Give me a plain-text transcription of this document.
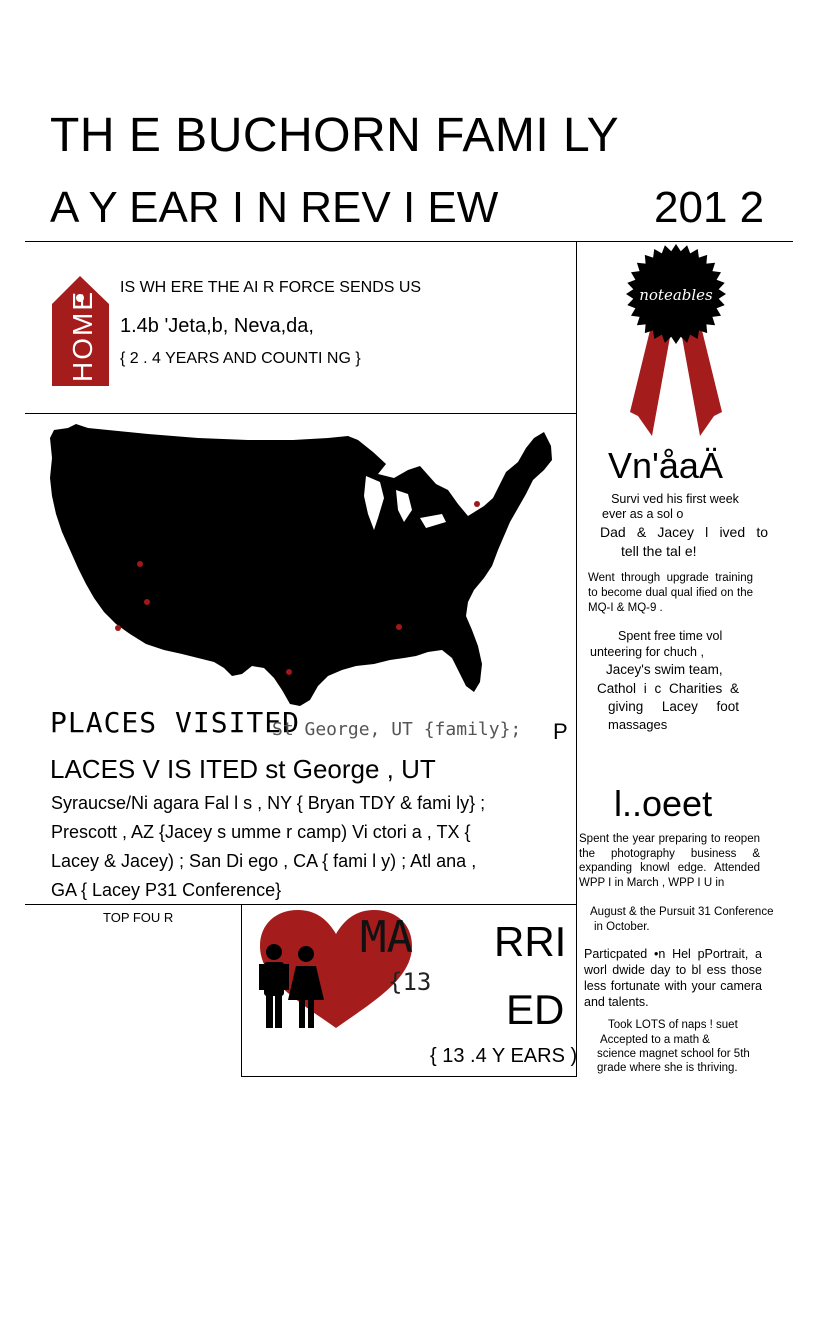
TH E BUCHORN FAMI LY
A Y EAR I N REV I EW	201 2
HOME
IS WH ERE THE AI R FORCE SENDS US
1.4b 'Jeta,b, Neva,da,
{ 2 . 4 YEARS AND COUNTI NG }
PLACES VISITED
St George, UT {family}; P
LACES V IS ITED st George , UT
Syraucse/Ni agara Fal l s , NY { Bryan TDY & fami ly} ;
Prescott , AZ {Jacey s umme r camp) Vi ctori a , TX {
Lacey & Jacey) ; San Di ego , CA { fami l y) ; Atl ana ,
GA { Lacey P31 Conference}
TOP FOU R	MA
{13
RRI
ED
{ 13 .4 Y EARS )
noteables
Vn'åaÄ
Survi ved his first week
ever as a sol o
Dad & Jacey l ived to
tell the tal e!
Went through upgrade training to become dual qual ified on the MQ-I & MQ-9 .
Spent free time vol
unteering for chuch ,
Jacey's swim team,
Cathol i c Charities &
giving Lacey foot
massages
l..oeet
Spent the year preparing to reopen the photography business & expanding knowl edge. Attended WPP I in March , WPP I U in
August & the Pursuit 31 Conference
in October.
Particpated •n Hel pPortrait, a worl dwide day to bl ess those less fortunate with your camera and talents.
Took LOTS of naps ! suet
Accepted to a math &
science magnet school for 5th
grade where she is thriving.
